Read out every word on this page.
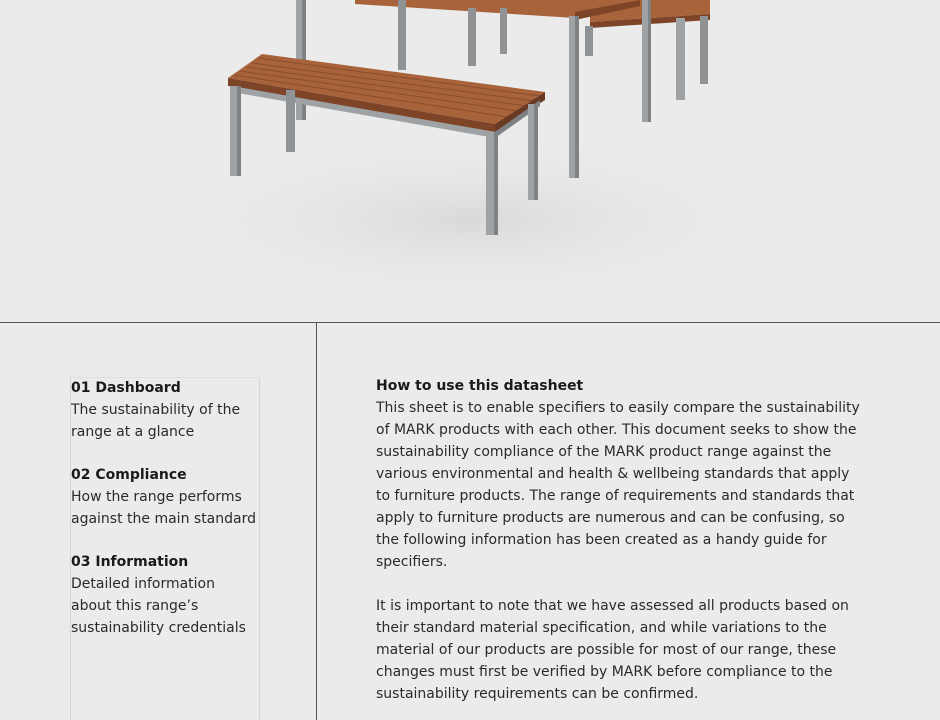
01 Dashboard
The sustainability of the range at a glance
02 Compliance
How the range performs against the main standard
03 Information
Detailed information about this range’s sustainability credentials
How to use this datasheet

This sheet is to enable specifiers to easily compare the sustainability of MARK products with each other. This document seeks to show the sustainability compliance of the MARK product range against the various environmental and health & wellbeing standards that apply to furniture products. The range of requirements and standards that apply to furniture products are numerous and can be confusing, so the following information has been created as a handy guide for specifiers.

It is important to note that we have assessed all products based on their standard material specification, and while variations to the material of our products are possible for most of our range, these changes must first be verified by MARK before compliance to the sustainability requirements can be confirmed.
